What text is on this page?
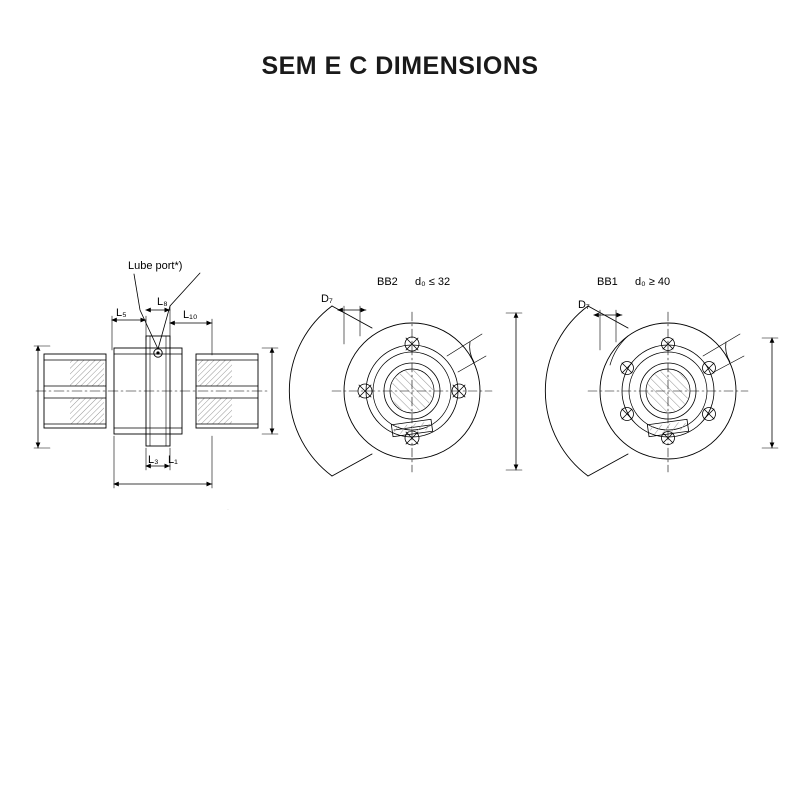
SEM E C DIMENSIONS
Lube port*)
L₅
L₈
L₁₀
L₃ L₁
BB2 d₀ ≤ 32
D₇
BB1 d₀ ≥ 40
D₇
